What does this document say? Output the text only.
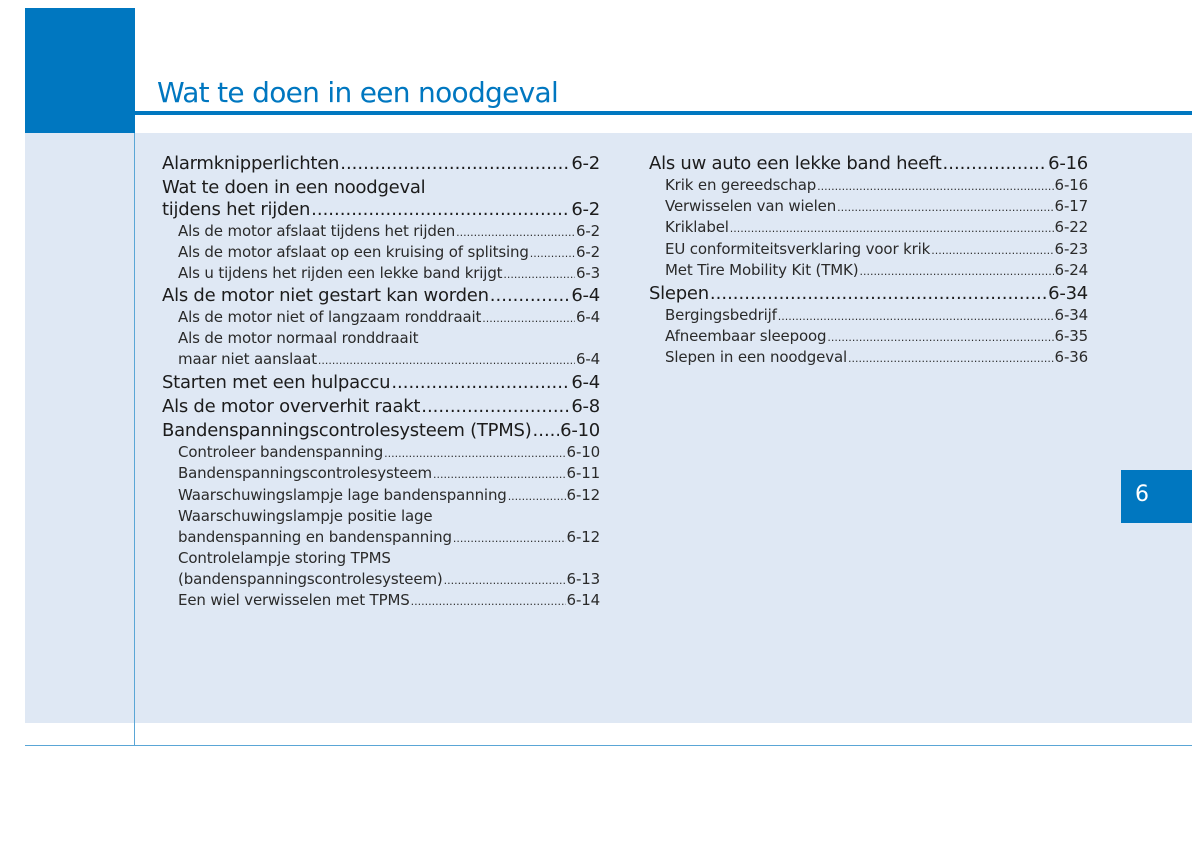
Wat te doen in een noodgeval
6
Alarmknipperlichten .....	6-2
Wat te doen in een noodgeval
tijdens het rijden .....	6-2
Als de motor afslaat tijdens het rijden .....	6-2
Als de motor afslaat op een kruising of splitsing .....	6-2
Als u tijdens het rijden een lekke band krijgt .....	6-3
Als de motor niet gestart kan worden .....	6-4
Als de motor niet of langzaam ronddraait .....	6-4
Als de motor normaal ronddraait
maar niet aanslaat .....	6-4
Starten met een hulpaccu .....	6-4
Als de motor oververhit raakt .....	6-8
Bandenspanningscontrolesysteem (TPMS) ..... 6-10
Controleer bandenspanning .....	6-10
Bandenspanningscontrolesysteem .....	6-11
Waarschuwingslampje lage bandenspanning .....	6-12
Waarschuwingslampje positie lage
bandenspanning en bandenspanning .....	6-12
Controlelampje storing TPMS
(bandenspanningscontrolesysteem) .....	6-13
Een wiel verwisselen met TPMS .....	6-14
Als uw auto een lekke band heeft .....	6-16
Krik en gereedschap .....	6-16
Verwisselen van wielen .....	6-17
Kriklabel .....	6-22
EU conformiteitsverklaring voor krik .....	6-23
Met Tire Mobility Kit (TMK) .....	6-24
Slepen .....	6-34
Bergingsbedrijf .....	6-34
Afneembaar sleepoog .....	6-35
Slepen in een noodgeval .....	6-36
